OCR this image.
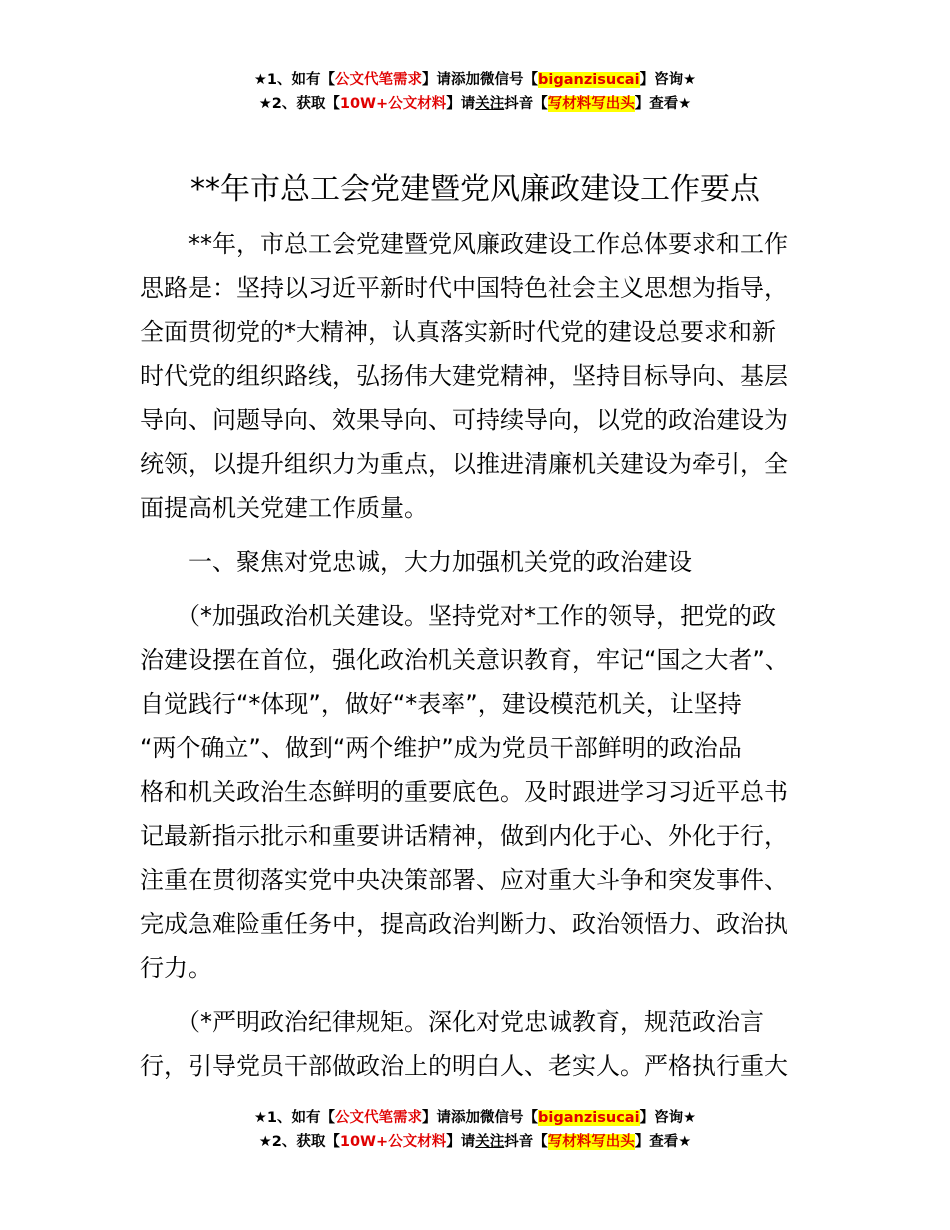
★1、如有【公文代笔需求】请添加微信号【biganzisucai】咨询★
★2、获取【10W+公文材料】请关注抖音【写材料写出头】查看★
**年市总工会党建暨党风廉政建设工作要点
　　**年，市总工会党建暨党风廉政建设工作总体要求和工作
思路是：坚持以习近平新时代中国特色社会主义思想为指导，
全面贯彻党的*大精神，认真落实新时代党的建设总要求和新
时代党的组织路线，弘扬伟大建党精神，坚持目标导向、基层
导向、问题导向、效果导向、可持续导向，以党的政治建设为
统领，以提升组织力为重点，以推进清廉机关建设为牵引，全
面提高机关党建工作质量。
　　一、聚焦对党忠诚，大力加强机关党的政治建设
　　（*加强政治机关建设。坚持党对*工作的领导，把党的政
治建设摆在首位，强化政治机关意识教育，牢记“国之大者”、
自觉践行“*体现”，做好“*表率”，建设模范机关，让坚持
“两个确立”、做到“两个维护”成为党员干部鲜明的政治品
格和机关政治生态鲜明的重要底色。及时跟进学习习近平总书
记最新指示批示和重要讲话精神，做到内化于心、外化于行，
注重在贯彻落实党中央决策部署、应对重大斗争和突发事件、
完成急难险重任务中，提高政治判断力、政治领悟力、政治执
行力。
　　（*严明政治纪律规矩。深化对党忠诚教育，规范政治言
行，引导党员干部做政治上的明白人、老实人。严格执行重大
★1、如有【公文代笔需求】请添加微信号【biganzisucai】咨询★
★2、获取【10W+公文材料】请关注抖音【写材料写出头】查看★
